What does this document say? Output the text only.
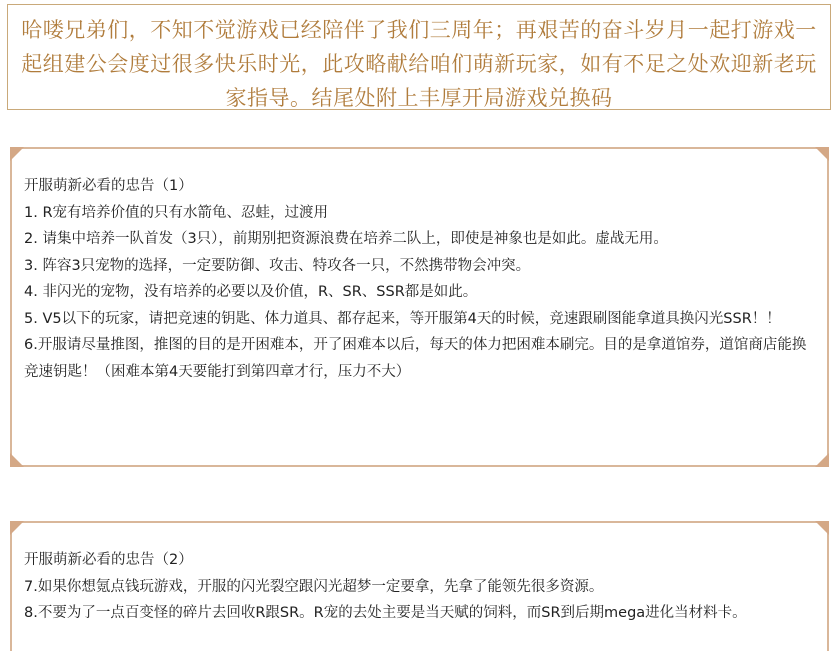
哈喽兄弟们，不知不觉游戏已经陪伴了我们三周年；再艰苦的奋斗岁月一起打游戏一起组建公会度过很多快乐时光，此攻略献给咱们萌新玩家，如有不足之处欢迎新老玩家指导。结尾处附上丰厚开局游戏兑换码
开服萌新必看的忠告（1）
1. R宠有培养价值的只有水箭龟、忍蛙，过渡用
2. 请集中培养一队首发（3只），前期别把资源浪费在培养二队上，即使是神象也是如此。虚战无用。
3. 阵容3只宠物的选择，一定要防御、攻击、特攻各一只，不然携带物会冲突。
4. 非闪光的宠物，没有培养的必要以及价值，R、SR、SSR都是如此。
5. V5以下的玩家，请把竞速的钥匙、体力道具、都存起来，等开服第4天的时候，竞速跟刷图能拿道具换闪光SSR！！
6.开服请尽量推图，推图的目的是开困难本，开了困难本以后，每天的体力把困难本刷完。目的是拿道馆券，道馆商店能换竞速钥匙！（困难本第4天要能打到第四章才行，压力不大）
开服萌新必看的忠告（2）
7.如果你想氪点钱玩游戏，开服的闪光裂空跟闪光超梦一定要拿，先拿了能领先很多资源。
8.不要为了一点百变怪的碎片去回收R跟SR。R宠的去处主要是当天赋的饲料，而SR到后期mega进化当材料卡。
